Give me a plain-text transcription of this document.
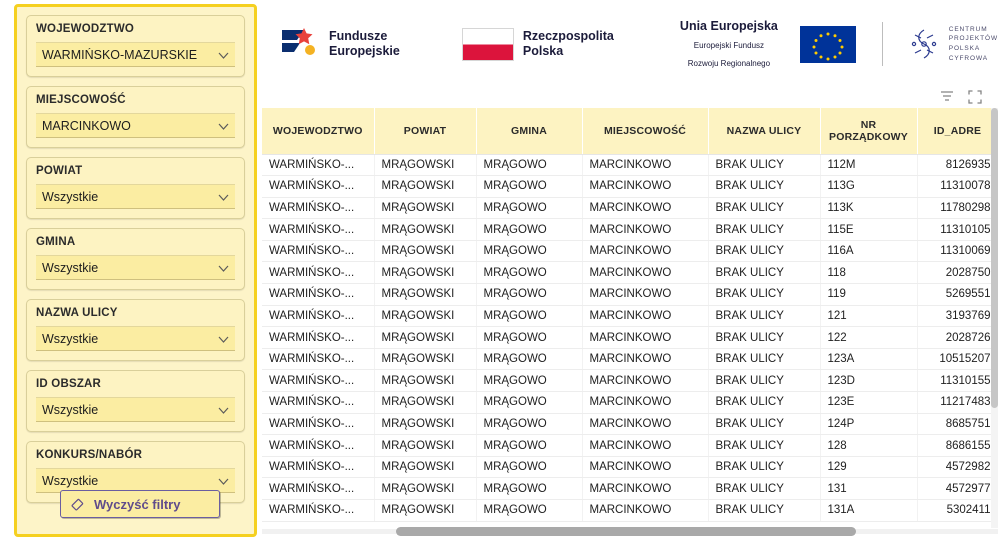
WOJEWODZTWO
WARMIŃSKO-MAZURSKIE
MIEJSCOWOŚĆ
MARCINKOWO
POWIAT
Wszystkie
GMINA
Wszystkie
NAZWA ULICY
Wszystkie
ID OBSZAR
Wszystkie
KONKURS/NABÓR
Wszystkie
Wyczyść filtry
Fundusze
Europejskie
Rzeczpospolita
Polska
Unia Europejska Europejski Fundusz
Rozwoju Regionalnego
CENTRUM
PROJEKTÓW
POLSKA
CYFROWA
WOJEWODZTWO	POWIAT	GMINA	MIEJSCOWOŚĆ	NAZWA ULICY	NR PORZĄDKOWY	ID_ADRE
WARMIŃSKO-...	MRĄGOWSKI	MRĄGOWO	MARCINKOWO	BRAK ULICY	112M	8126935
WARMIŃSKO-...	MRĄGOWSKI	MRĄGOWO	MARCINKOWO	BRAK ULICY	113G	11310078
WARMIŃSKO-...	MRĄGOWSKI	MRĄGOWO	MARCINKOWO	BRAK ULICY	113K	11780298
WARMIŃSKO-...	MRĄGOWSKI	MRĄGOWO	MARCINKOWO	BRAK ULICY	115E	11310105
WARMIŃSKO-...	MRĄGOWSKI	MRĄGOWO	MARCINKOWO	BRAK ULICY	116A	11310069
WARMIŃSKO-...	MRĄGOWSKI	MRĄGOWO	MARCINKOWO	BRAK ULICY	118	2028750
WARMIŃSKO-...	MRĄGOWSKI	MRĄGOWO	MARCINKOWO	BRAK ULICY	119	5269551
WARMIŃSKO-...	MRĄGOWSKI	MRĄGOWO	MARCINKOWO	BRAK ULICY	121	3193769
WARMIŃSKO-...	MRĄGOWSKI	MRĄGOWO	MARCINKOWO	BRAK ULICY	122	2028726
WARMIŃSKO-...	MRĄGOWSKI	MRĄGOWO	MARCINKOWO	BRAK ULICY	123A	10515207
WARMIŃSKO-...	MRĄGOWSKI	MRĄGOWO	MARCINKOWO	BRAK ULICY	123D	11310155
WARMIŃSKO-...	MRĄGOWSKI	MRĄGOWO	MARCINKOWO	BRAK ULICY	123E	11217483
WARMIŃSKO-...	MRĄGOWSKI	MRĄGOWO	MARCINKOWO	BRAK ULICY	124P	8685751
WARMIŃSKO-...	MRĄGOWSKI	MRĄGOWO	MARCINKOWO	BRAK ULICY	128	8686155
WARMIŃSKO-...	MRĄGOWSKI	MRĄGOWO	MARCINKOWO	BRAK ULICY	129	4572982
WARMIŃSKO-...	MRĄGOWSKI	MRĄGOWO	MARCINKOWO	BRAK ULICY	131	4572977
WARMIŃSKO-...	MRĄGOWSKI	MRĄGOWO	MARCINKOWO	BRAK ULICY	131A	5302411
